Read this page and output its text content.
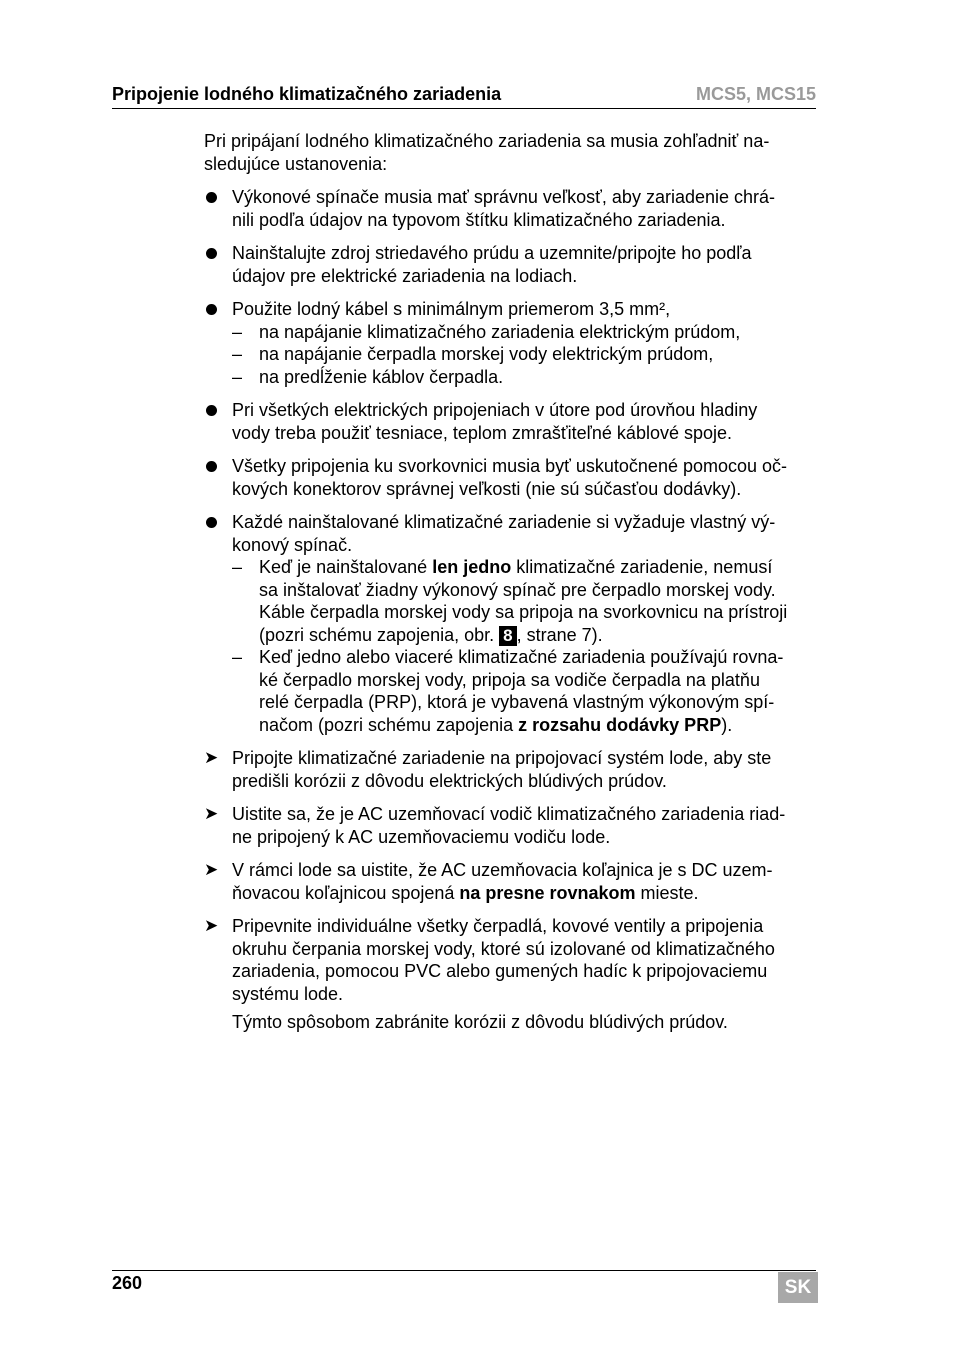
Pripojenie lodného klimatizačného zariadenia	MCS5, MCS15

Pri pripájaní lodného klimatizačného zariadenia sa musia zohľadniť na-
sledujúce ustanovenia:

Výkonové spínače musia mať správnu veľkosť, aby zariadenie chrá-
nili podľa údajov na typovom štítku klimatizačného zariadenia.
Nainštalujte zdroj striedavého prúdu a uzemnite/pripojte ho podľa
údajov pre elektrické zariadenia na lodiach.
Použite lodný kábel s minimálnym priemerom 3,5 mm²,
– na napájanie klimatizačného zariadenia elektrickým prúdom,
– na napájanie čerpadla morskej vody elektrickým prúdom,
– na predĺženie káblov čerpadla.
Pri všetkých elektrických pripojeniach v útore pod úrovňou hladiny
vody treba použiť tesniace, teplom zmrašťiteľné káblové spoje.
Všetky pripojenia ku svorkovnici musia byť uskutočnené pomocou oč-
kových konektorov správnej veľkosti (nie sú súčasťou dodávky).
Každé nainštalované klimatizačné zariadenie si vyžaduje vlastný vý-
konový spínač.
– Keď je nainštalované len jedno klimatizačné zariadenie, nemusí
sa inštalovať žiadny výkonový spínač pre čerpadlo morskej vody.
Káble čerpadla morskej vody sa pripoja na svorkovnicu na prístroji
(pozri schému zapojenia, obr. 8 , strane 7).
– Keď jedno alebo viaceré klimatizačné zariadenia používajú rovna-
ké čerpadlo morskej vody, pripoja sa vodiče čerpadla na platňu
relé čerpadla (PRP), ktorá je vybavená vlastným výkonovým spí-
načom (pozri schému zapojenia z rozsahu dodávky PRP).
➤ Pripojte klimatizačné zariadenie na pripojovací systém lode, aby ste
predišli korózii z dôvodu elektrických blúdivých prúdov.
➤ Uistite sa, že je AC uzemňovací vodič klimatizačného zariadenia riad-
ne pripojený k AC uzemňovaciemu vodiču lode.
➤ V rámci lode sa uistite, že AC uzemňovacia koľajnica je s DC uzem-
ňovacou koľajnicou spojená na presne rovnakom mieste.
➤ Pripevnite individuálne všetky čerpadlá, kovové ventily a pripojenia
okruhu čerpania morskej vody, ktoré sú izolované od klimatizačného
zariadenia, pomocou PVC alebo gumených hadíc k pripojovaciemu
systému lode.
Týmto spôsobom zabránite korózii z dôvodu blúdivých prúdov.
260	SK
